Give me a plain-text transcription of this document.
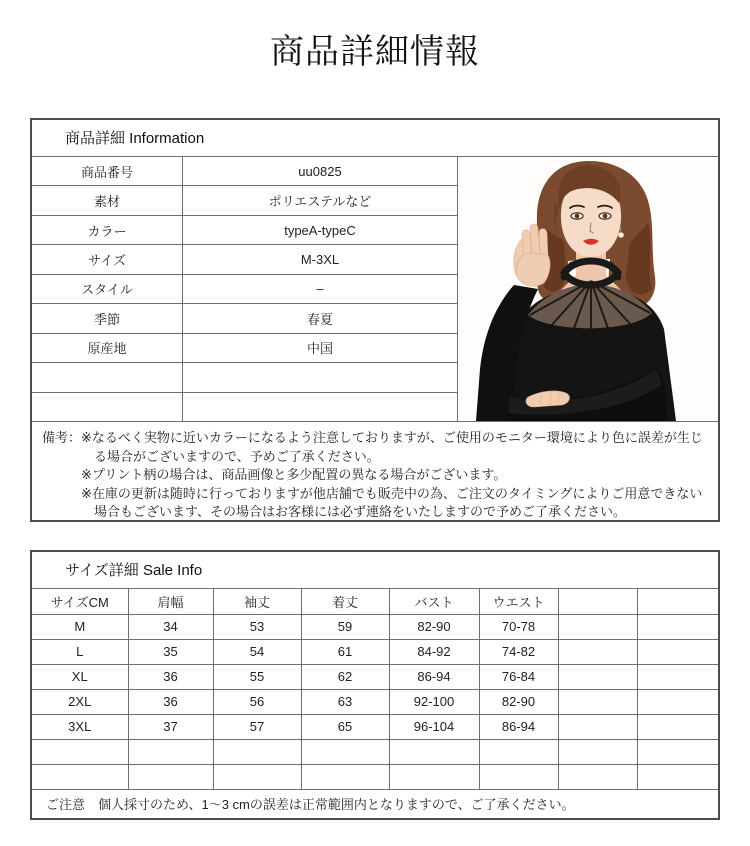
商品詳細情報
商品詳細 Information
商品番号	uu0825
素材	ポリエステルなど
カラー	typeA-typeC
サイズ	M-3XL
スタイル	–
季節	春夏
原産地	中国
備考： ※なるべく実物に近いカラーになるよう注意しておりますが、ご使用のモニター環境により色に誤差が生じる場合がございますので、予めご了承ください。
※プリント柄の場合は、商品画像と多少配置の異なる場合がございます。
※在庫の更新は随時に行っておりますが他店舗でも販売中の為、ご注文のタイミングによりご用意できない場合もございます、その場合はお客様には必ず連絡をいたしますので予めご了承ください。
サイズ詳細 Sale Info
サイズCM	肩幅	袖丈	着丈	バスト	ウエスト		
M	34	53	59	82-90	70-78		
L	35	54	61	84-92	74-82		
XL	36	55	62	86-94	76-84		
2XL	36	56	63	92-100	82-90		
3XL	37	57	65	96-104	86-94		

ご注意　個人採寸のため、1～3 cmの誤差は正常範囲内となりますので、ご了承ください。							
